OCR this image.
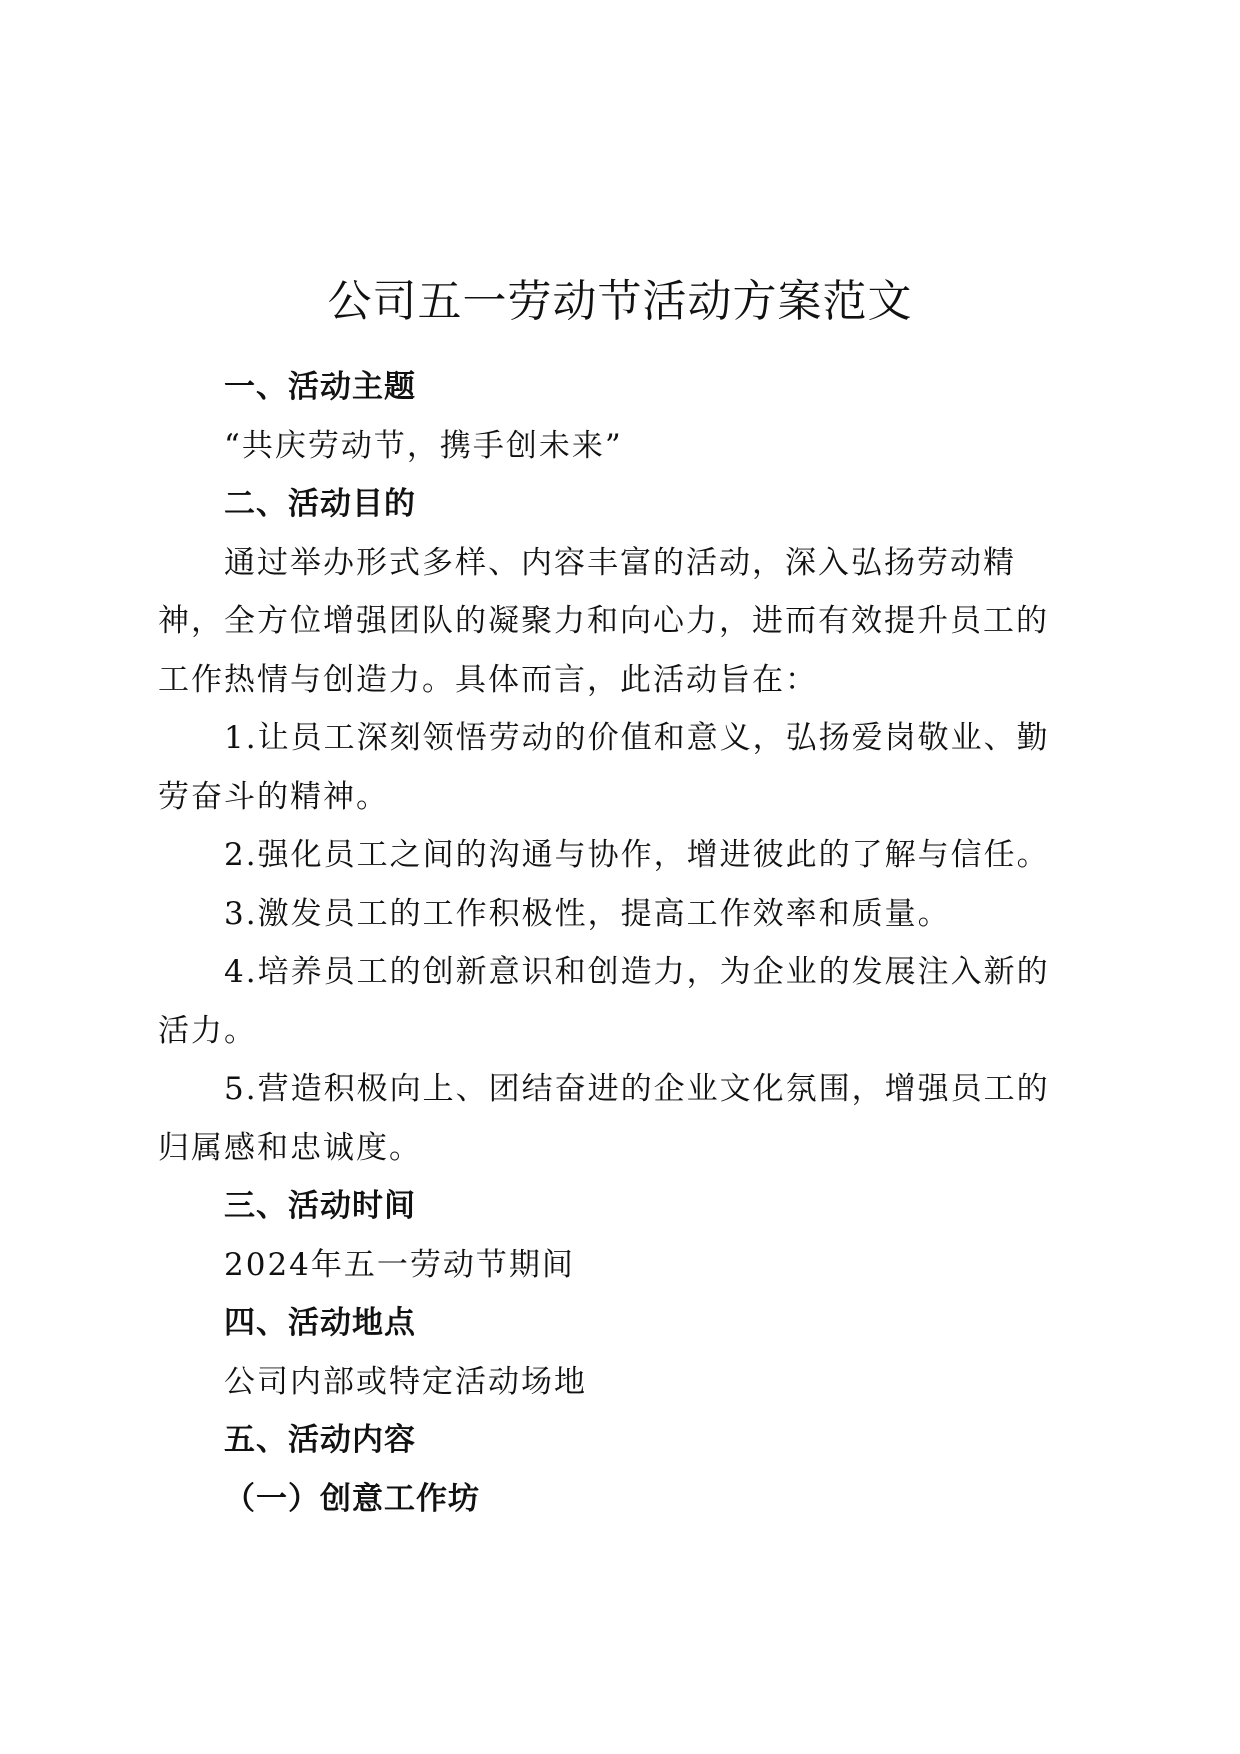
公司五一劳动节活动方案范文

一、活动主题

“共庆劳动节，携手创未来”

二、活动目的

通过举办形式多样、内容丰富的活动，深入弘扬劳动精神，全方位增强团队的凝聚力和向心力，进而有效提升员工的工作热情与创造力。具体而言，此活动旨在：

1.让员工深刻领悟劳动的价值和意义，弘扬爱岗敬业、勤劳奋斗的精神。

2.强化员工之间的沟通与协作，增进彼此的了解与信任。

3.激发员工的工作积极性，提高工作效率和质量。

4.培养员工的创新意识和创造力，为企业的发展注入新的活力。

5.营造积极向上、团结奋进的企业文化氛围，增强员工的归属感和忠诚度。

三、活动时间

2024年五一劳动节期间

四、活动地点

公司内部或特定活动场地

五、活动内容

（一）创意工作坊
